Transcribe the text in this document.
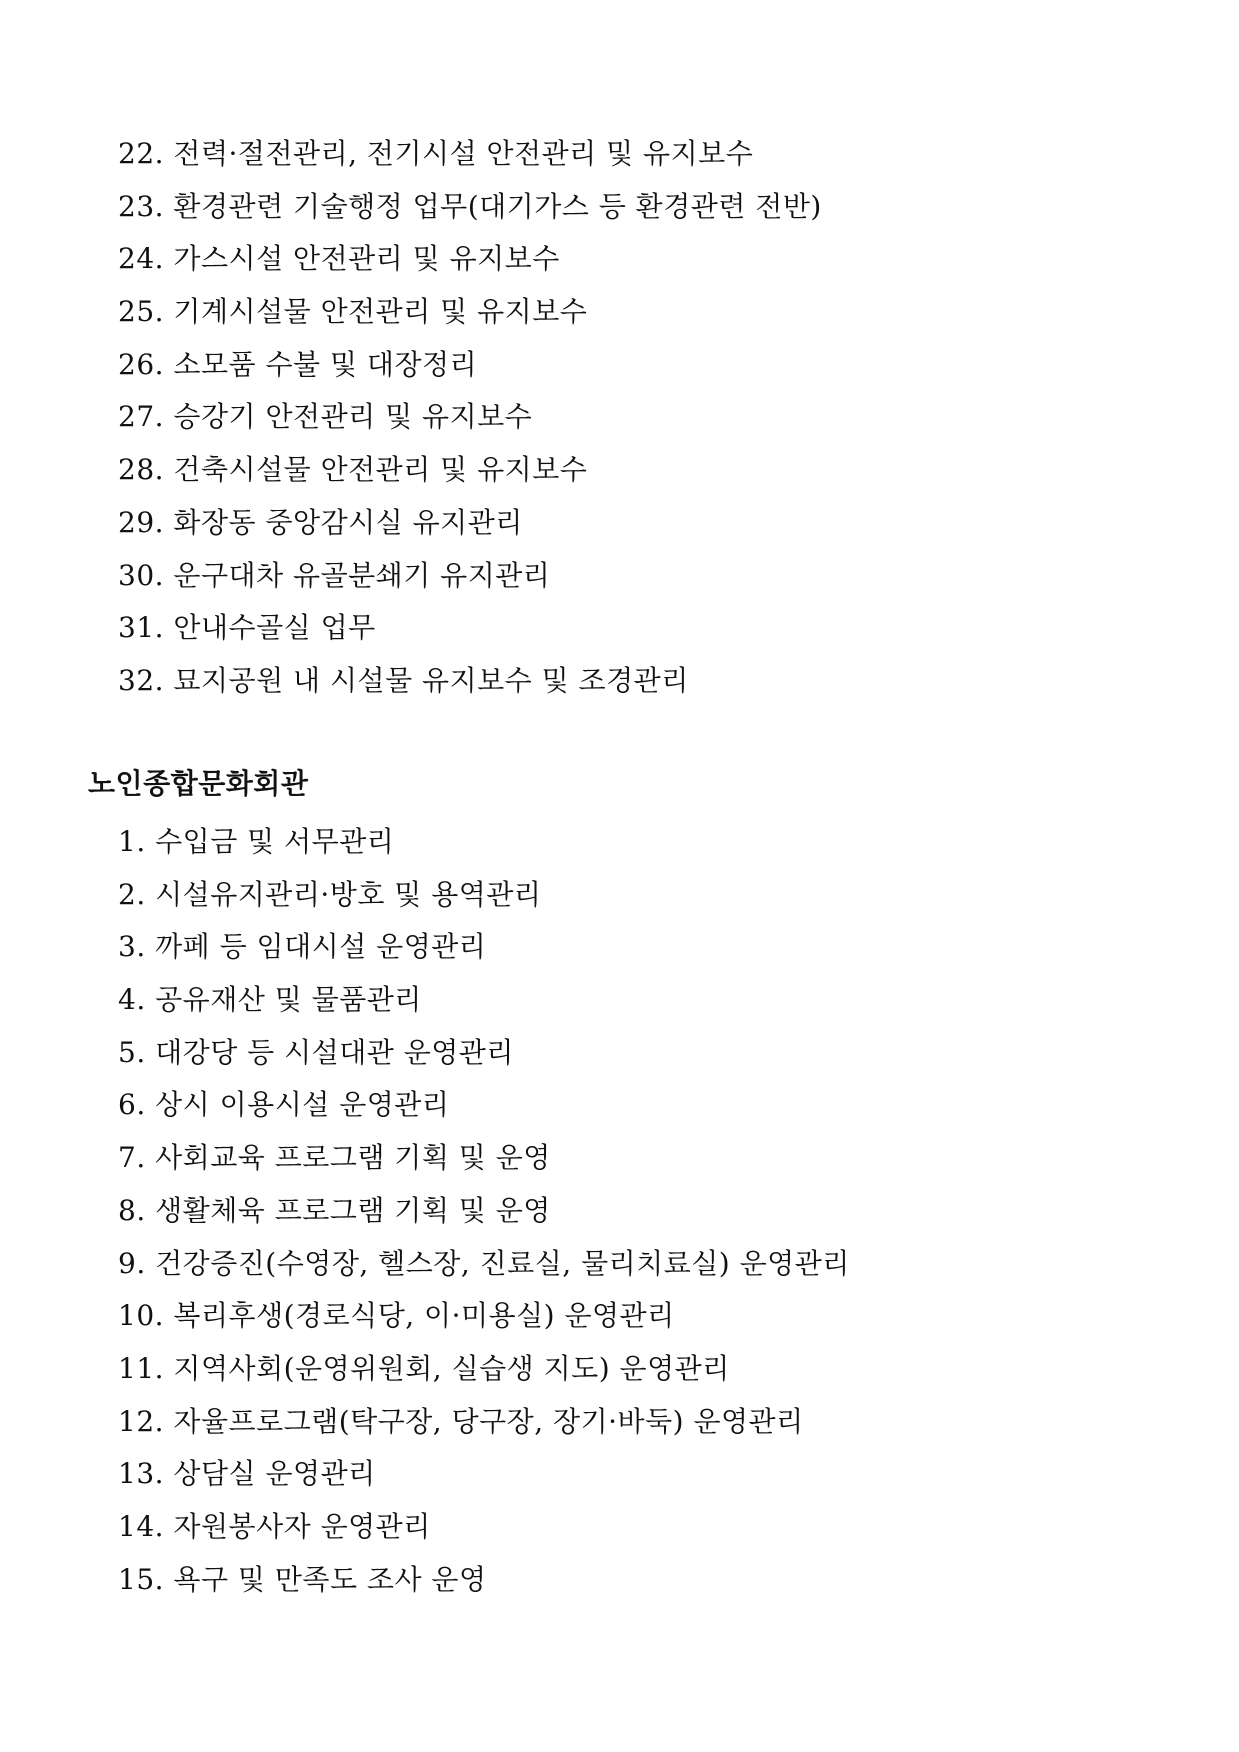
22. 전력·절전관리, 전기시설 안전관리 및 유지보수
23. 환경관련 기술행정 업무(대기가스 등 환경관련 전반)
24. 가스시설 안전관리 및 유지보수
25. 기계시설물 안전관리 및 유지보수
26. 소모품 수불 및 대장정리
27. 승강기 안전관리 및 유지보수
28. 건축시설물 안전관리 및 유지보수
29. 화장동 중앙감시실 유지관리
30. 운구대차 유골분쇄기 유지관리
31. 안내수골실 업무
32. 묘지공원 내 시설물 유지보수 및 조경관리
노인종합문화회관
1. 수입금 및 서무관리
2. 시설유지관리·방호 및 용역관리
3. 까페 등 임대시설 운영관리
4. 공유재산 및 물품관리
5. 대강당 등 시설대관 운영관리
6. 상시 이용시설 운영관리
7. 사회교육 프로그램 기획 및 운영
8. 생활체육 프로그램 기획 및 운영
9. 건강증진(수영장, 헬스장, 진료실, 물리치료실) 운영관리
10. 복리후생(경로식당, 이·미용실) 운영관리
11. 지역사회(운영위원회, 실습생 지도) 운영관리
12. 자율프로그램(탁구장, 당구장, 장기·바둑) 운영관리
13. 상담실 운영관리
14. 자원봉사자 운영관리
15. 욕구 및 만족도 조사 운영
